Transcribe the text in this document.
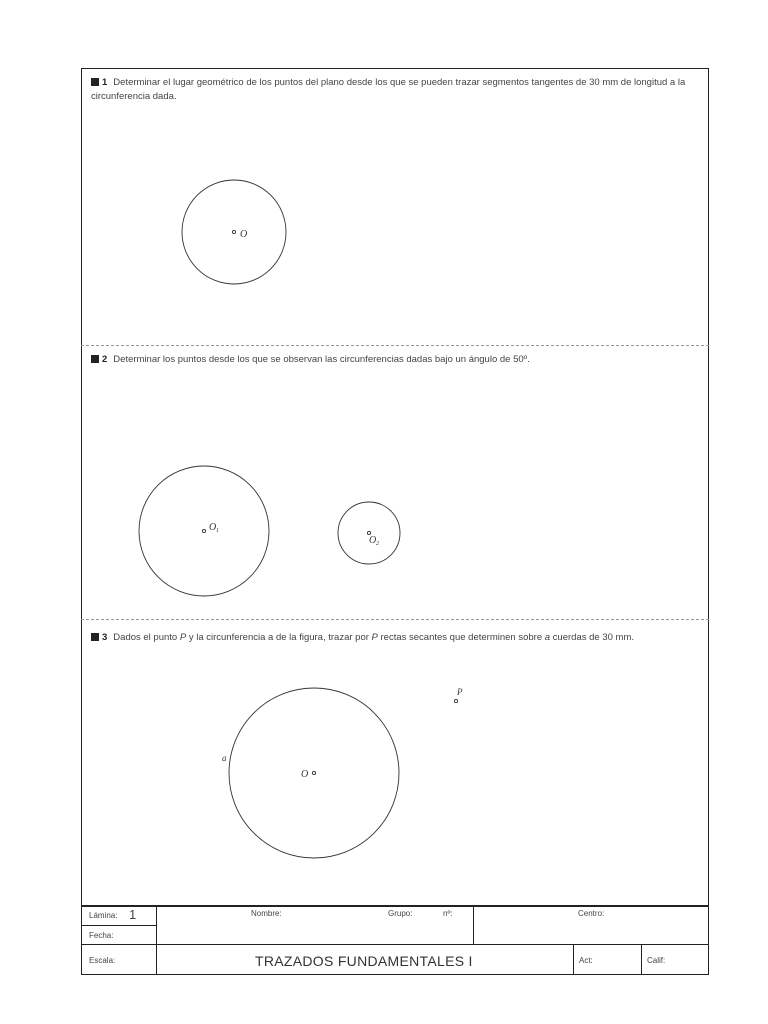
1 Determinar el lugar geométrico de los puntos del plano desde los que se pueden trazar segmentos tangentes de 30 mm de longitud a la circunferencia dada.
2 Determinar los puntos desde los que se observan las circunferencias dadas bajo un ángulo de 50º.
3 Dados el punto P y la circunferencia a de la figura, trazar por P rectas secantes que determinen sobre a cuerdas de 30 mm.
O
O 1
O 2
O
P
a
Lámina: 1
Fecha:
Escala:
Nombre:	Grupo:	nº:	Centro:
TRAZADOS FUNDAMENTALES I	Act:	Calif:
